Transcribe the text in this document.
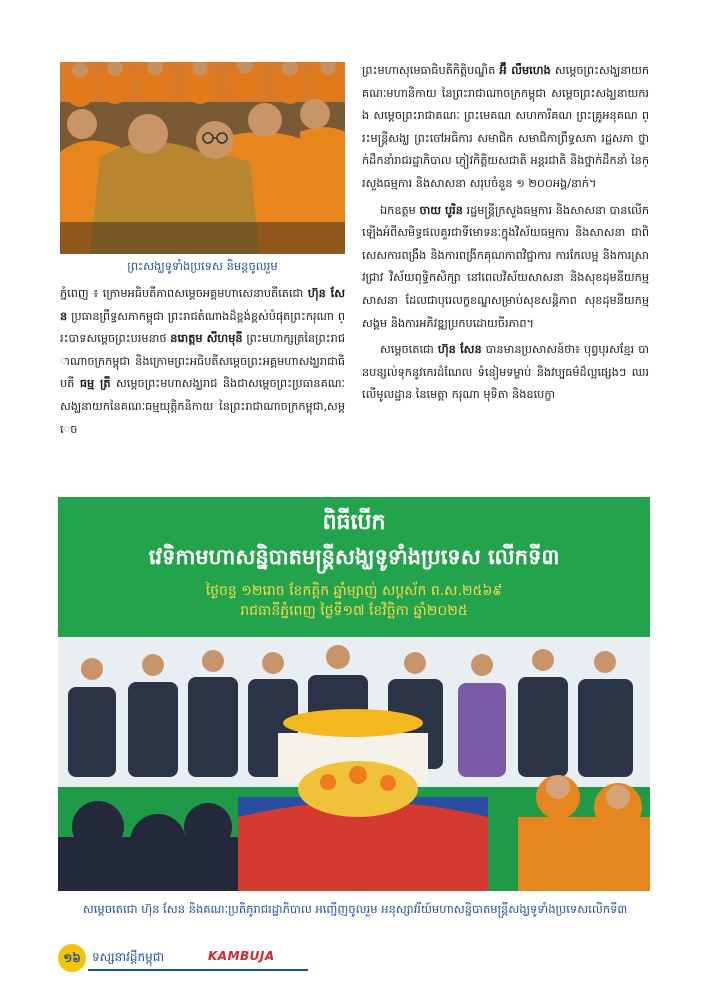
ព្រះសង្ឃទូទាំងប្រទេស និមន្តចូលរួម

ភ្នំពេញ ៖ ក្រោមអធិបតីភាពសម្តេចអគ្គមហាសេនាបតីតេជោ ហ៊ុន សែន ប្រធានព្រឹទ្ធសភាកម្ពុជា ព្រះរាជតំណាងដ៏ខ្ពង់ខ្ពស់បំផុតព្រះករុណា ព្រះបាទសម្តេចព្រះបរមនាថ នរោត្តម សីហមុនី ព្រះមហាក្សត្រនៃព្រះរាជាណាចក្រកម្ពុជា និងក្រោមព្រះអធិបតីសម្តេចព្រះអគ្គមហាសង្ឃរាជាធិបតី ធម្ម ត្រី សម្តេចព្រះមហាសង្ឃរាជ និងជាសម្តេចព្រះប្រធានគណៈសង្ឃនាយកនៃគណៈធម្មយុត្តិកនិកាយ នៃព្រះរាជាណាចក្រកម្ពុជា,សម្តេច

ព្រះមហាសុមេធាធិបតីកិត្តិបណ្ឌិត អ៊ឹ លឹមហេង សម្តេចព្រះសង្ឃនាយកគណៈមហានិកាយ នៃព្រះរាជាណាចក្រកម្ពុជា សម្តេចព្រះសង្ឃនាយករង សម្តេចព្រះរាជាគណៈ ព្រះមេគណ សហការីគណ ព្រះគ្រូអនុគណ ព្រះមន្ត្រីសង្ឃ ព្រះចៅអធិការ សមាជិក សមាជិកាព្រឹទ្ធសភា រដ្ឋសភា ថ្នាក់ដឹកនាំរាជរដ្ឋាភិបាល ភ្ញៀវកិត្តិយសជាតិ អន្តរជាតិ និងថ្នាក់ដឹកនាំ នៃក្រសួងធម្មការ និងសាសនា សរុបចំនួន ១ ២០០អង្គ/នាក់។

ឯកឧត្តម ចាយ បូរិន រដ្ឋមន្ត្រីក្រសួងធម្មការ និងសាសនា បានលើកឡើងអំពីសមិទ្ធផលគួរជាទីមោទនៈក្នុងវិស័យធម្មការ និងសាសនា ជាពិសេសការពង្រឹង និងការពង្រីកគុណភាពវិជ្ជាការ ការកែលម្អ និងការស្រាវជ្រាវ វិស័យពុទ្ធិកសិក្សា នៅពេលវិស័យសាសនា និងសុខដុមនីយកម្មសាសនា ដែលជាបុរេលក្ខខណ្ឌសម្រាប់សុខសន្តិភាព សុខដុមនីយកម្មសង្គម និងការអភិវឌ្ឍប្រកបដោយចីរភាព។

សម្តេចតេជោ ហ៊ុន សែន បានមានប្រសាសន៍ថា៖ បុព្វបុរសខ្មែរ បានបន្សល់ទុកនូវកេរដំណែល ទំនៀមទម្លាប់ និងវប្បធម៌ដ៏ល្អផ្សេងៗ ឈរលើមូលដ្ឋាន នៃមេត្តា ករុណា មុទិតា និងឧបេក្ខា

ពិធីបើក
វេទិកាមហាសន្និបាតមន្ត្រីសង្ឃទូទាំងប្រទេស លើកទី៣
ថ្ងៃចន្ទ ១២រោច ខែកត្តិក ឆ្នាំម្សាញ់ សប្តស័ក ព.ស.២៥៦៩
រាជធានីភ្នំពេញ ថ្ងៃទី១៧ ខែវិច្ឆិកា ឆ្នាំ២០២៥
សម្តេចតេជោ ហ៊ុន សែន និងគណៈប្រតិភូរាជរដ្ឋាភិបាល អញ្ជើញចូលរួម អនុស្សាវរីយ៍មហាសន្និបាតមន្ត្រីសង្ឃទូទាំងប្រទេសលើកទី៣
១៦ ទស្សនាវដ្ដីកម្ពុជា	KAMBUJA
